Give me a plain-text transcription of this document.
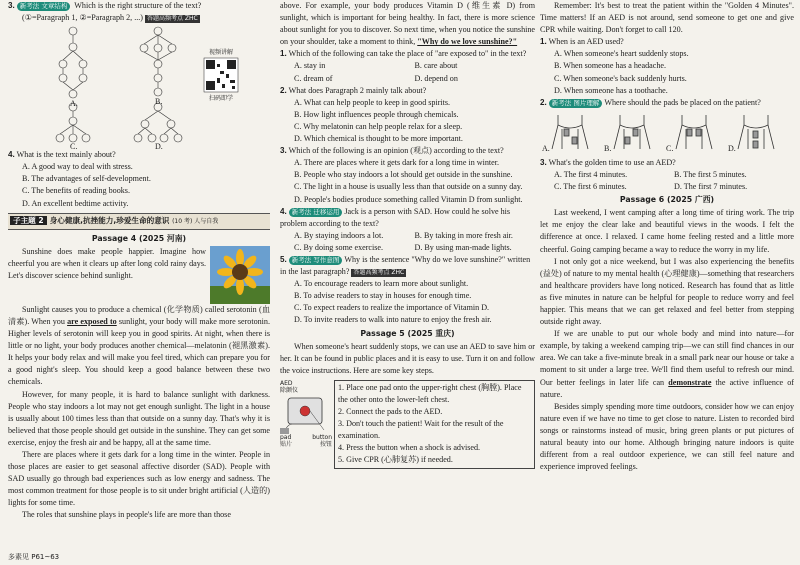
3. 新考法 文章结构 Which is the right structure of the text?

(①=Paragraph 1, ②=Paragraph 2, ...) 答题高频考点 ZHC

A.	B.
C.	D.
视频讲解
扫码即学

4. What is the text mainly about?

A. A good way to deal with stress.

B. The advantages of self-development.

C. The benefits of reading books.

D. An excellent bedtime activity.

子主题 2 身心健康,抗挫能力,珍爱生命的意识 (10 考) 人与自我

Passage 4 (2025 河南)

Sunshine does make people happier. Imagine how cheerful you are when it clears up after long cold rainy days. Let's discover science behind sunlight.

Sunlight causes you to produce a chemical (化学物质) called serotonin (血清素). When you are exposed to sunlight, your body will make more serotonin. Higher levels of serotonin will keep you in good spirits. At night, when there is little or no light, your body produces another chemical—melatonin (褪黑激素). It helps your body relax and will make you feel tired, which can prepare you for a good night's sleep. You should keep a good balance between these two chemicals.

However, for many people, it is hard to balance sunlight with darkness. People who stay indoors a lot may not get enough sunlight. The light in a house is usually about 100 times less than that outside on a sunny day. That's why it is believed that those people should get outside in the sunshine. They can get some exercise, enjoy the fresh air and be happy, all at the same time.

There are places where it gets dark for a long time in the winter. People in those places are easier to get seasonal affective disorder (SAD). People with SAD usually go through bad experiences such as low energy and sadness. The most common treatment for those people is to sit under bright artificial (人造的) lights for some time.

The roles that sunshine plays in people's life are more than those

多素见 P61~63

above. For example, your body produces Vitamin D (维生素 D) from sunlight, which is important for being healthy. In fact, there is more science about sunlight for you to discover. So next time, when you notice the sunshine on your shoulder, take a moment to think, "Why do we love sunshine?"

1. Which of the following can take the place of "are exposed to" in the text?

A. stay in	B. care about
C. dream of	D. depend on

2. What does Paragraph 2 mainly talk about?

A. What can help people to keep in good spirits.

B. How light influences people through chemicals.

C. Why melatonin can help people relax for a sleep.

D. Which chemical is thought to be more important.

3. Which of the following is an opinion (观点) according to the text?

A. There are places where it gets dark for a long time in winter.

B. People who stay indoors a lot should get outside in the sunshine.

C. The light in a house is usually less than that outside on a sunny day.

D. People's bodies produce something called Vitamin D from sunlight.

4. 新考法 迁移运用 Jack is a person with SAD. How could he solve his problem according to the text?

A. By staying indoors a lot.	B. By taking in more fresh air.
C. By doing some exercise.	D. By using man-made lights.

5. 新考法 写作意图 Why is the sentence "Why do we love sunshine?" written in the last paragraph? 答题高频考点 ZHC

A. To encourage readers to learn more about sunlight.

B. To advise readers to stay in houses for enough time.

C. To expect readers to realize the importance of Vitamin D.

D. To invite readers to walk into nature to enjoy the fresh air.

Passage 5 (2025 重庆)

When someone's heart suddenly stops, we can use an AED to save him or her. It can be found in public places and it is easy to use. Turn it on and follow the voice instructions. Here are some key steps.

AED
除颤仪
pad	button
贴片	按钮

1. Place one pad onto the upper-right chest (胸膛). Place the other onto the lower-left chest.

2. Connect the pads to the AED.

3. Don't touch the patient! Wait for the result of the examination.

4. Press the button when a shock is advised.

5. Give CPR (心肺复苏) if needed.

Remember: It's best to treat the patient within the "Golden 4 Minutes". Time matters! If an AED is not around, send someone to get one and give CPR while waiting. Don't forget to call 120.

1. When is an AED used?

A. When someone's heart suddenly stops.

B. When someone has a headache.

C. When someone's back suddenly hurts.

D. When someone has a toothache.

2. 新考法 图片理解 Where should the pads be placed on the patient?

A.	B.	C.	D.

3. What's the golden time to use an AED?

A. The first 4 minutes.	B. The first 5 minutes.
C. The first 6 minutes.	D. The first 7 minutes.

Passage 6 (2025 广西)

Last weekend, I went camping after a long time of tiring work. The trip let me enjoy the clear lake and beautiful views in the woods. I felt the difference at once. I relaxed. I came home feeling rested and a little more cheerful. Going camping became a way to reduce the worry in my life.

I not only got a nice weekend, but I was also experiencing the benefits (益处) of nature to my mental health (心理健康)—something that researchers and healthcare providers have long noticed. Research has found that as little as five minutes in nature can be helpful for people to reduce worry and feel happier. This means that we can get relaxed and feel better from stepping outside right away.

If we are unable to put our whole body and mind into nature—for example, by taking a weekend camping trip—we can still find chances in our area. We can take a five-minute break in a small park near our house or take a moment to sit under a large tree. We'll find them useful to refresh our mind. Our better feelings in later life can demonstrate the active influence of nature.

Besides simply spending more time outdoors, consider how we can enjoy nature even if we have no time to get close to nature. Listen to recorded bird songs or rainstorms instead of music, bring green plants or put pictures of natural beauty into our home. Although bringing nature indoors is quite different from a real outdoor experience, we can still feel nature and experience improved feelings.
